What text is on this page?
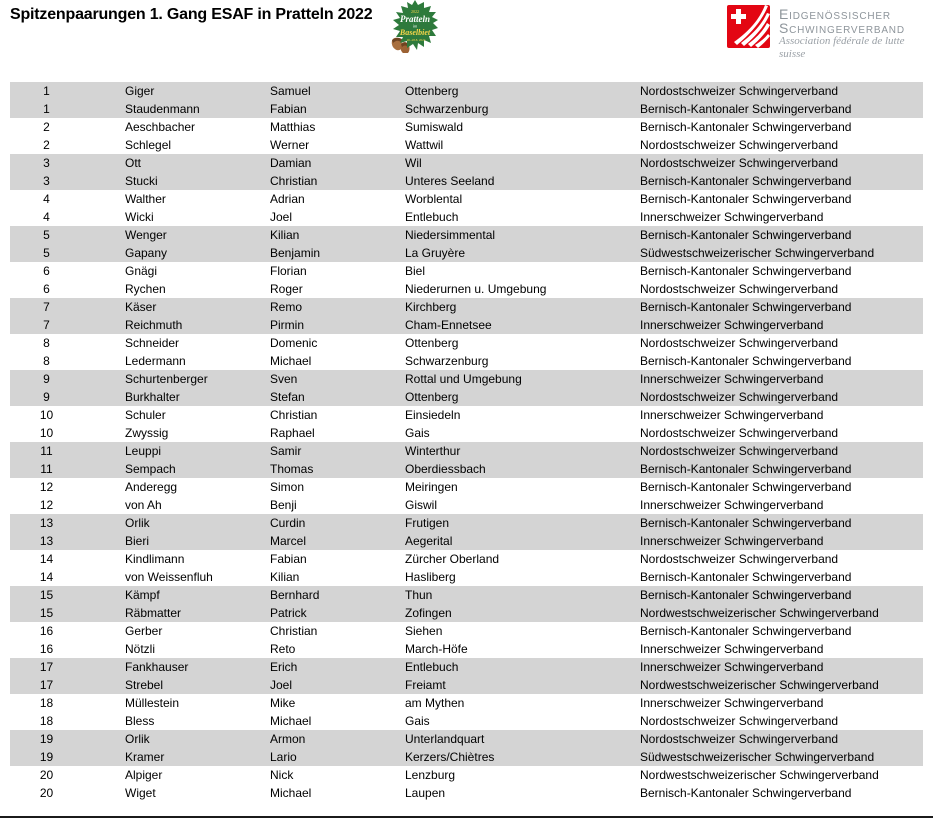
Spitzenpaarungen 1. Gang ESAF in Pratteln 2022	2022
Pratteln
im
Baselbiet
26.-28.8. 2022
Eidgenössischer
Schwingerverband
Association fédérale de lutte suisse
1	Giger	Samuel	Ottenberg	Nordostschweizer Schwingerverband
1	Staudenmann	Fabian	Schwarzenburg	Bernisch-Kantonaler Schwingerverband
2	Aeschbacher	Matthias	Sumiswald	Bernisch-Kantonaler Schwingerverband
2	Schlegel	Werner	Wattwil	Nordostschweizer Schwingerverband
3	Ott	Damian	Wil	Nordostschweizer Schwingerverband
3	Stucki	Christian	Unteres Seeland	Bernisch-Kantonaler Schwingerverband
4	Walther	Adrian	Worblental	Bernisch-Kantonaler Schwingerverband
4	Wicki	Joel	Entlebuch	Innerschweizer Schwingerverband
5	Wenger	Kilian	Niedersimmental	Bernisch-Kantonaler Schwingerverband
5	Gapany	Benjamin	La Gruyère	Südwestschweizerischer Schwingerverband
6	Gnägi	Florian	Biel	Bernisch-Kantonaler Schwingerverband
6	Rychen	Roger	Niederurnen u. Umgebung	Nordostschweizer Schwingerverband
7	Käser	Remo	Kirchberg	Bernisch-Kantonaler Schwingerverband
7	Reichmuth	Pirmin	Cham-Ennetsee	Innerschweizer Schwingerverband
8	Schneider	Domenic	Ottenberg	Nordostschweizer Schwingerverband
8	Ledermann	Michael	Schwarzenburg	Bernisch-Kantonaler Schwingerverband
9	Schurtenberger	Sven	Rottal und Umgebung	Innerschweizer Schwingerverband
9	Burkhalter	Stefan	Ottenberg	Nordostschweizer Schwingerverband
10	Schuler	Christian	Einsiedeln	Innerschweizer Schwingerverband
10	Zwyssig	Raphael	Gais	Nordostschweizer Schwingerverband
11	Leuppi	Samir	Winterthur	Nordostschweizer Schwingerverband
11	Sempach	Thomas	Oberdiessbach	Bernisch-Kantonaler Schwingerverband
12	Anderegg	Simon	Meiringen	Bernisch-Kantonaler Schwingerverband
12	von Ah	Benji	Giswil	Innerschweizer Schwingerverband
13	Orlik	Curdin	Frutigen	Bernisch-Kantonaler Schwingerverband
13	Bieri	Marcel	Aegerital	Innerschweizer Schwingerverband
14	Kindlimann	Fabian	Zürcher Oberland	Nordostschweizer Schwingerverband
14	von Weissenfluh	Kilian	Hasliberg	Bernisch-Kantonaler Schwingerverband
15	Kämpf	Bernhard	Thun	Bernisch-Kantonaler Schwingerverband
15	Räbmatter	Patrick	Zofingen	Nordwestschweizerischer Schwingerverband
16	Gerber	Christian	Siehen	Bernisch-Kantonaler Schwingerverband
16	Nötzli	Reto	March-Höfe	Innerschweizer Schwingerverband
17	Fankhauser	Erich	Entlebuch	Innerschweizer Schwingerverband
17	Strebel	Joel	Freiamt	Nordwestschweizerischer Schwingerverband
18	Müllestein	Mike	am Mythen	Innerschweizer Schwingerverband
18	Bless	Michael	Gais	Nordostschweizer Schwingerverband
19	Orlik	Armon	Unterlandquart	Nordostschweizer Schwingerverband
19	Kramer	Lario	Kerzers/Chiètres	Südwestschweizerischer Schwingerverband
20	Alpiger	Nick	Lenzburg	Nordwestschweizerischer Schwingerverband
20	Wiget	Michael	Laupen	Bernisch-Kantonaler Schwingerverband
